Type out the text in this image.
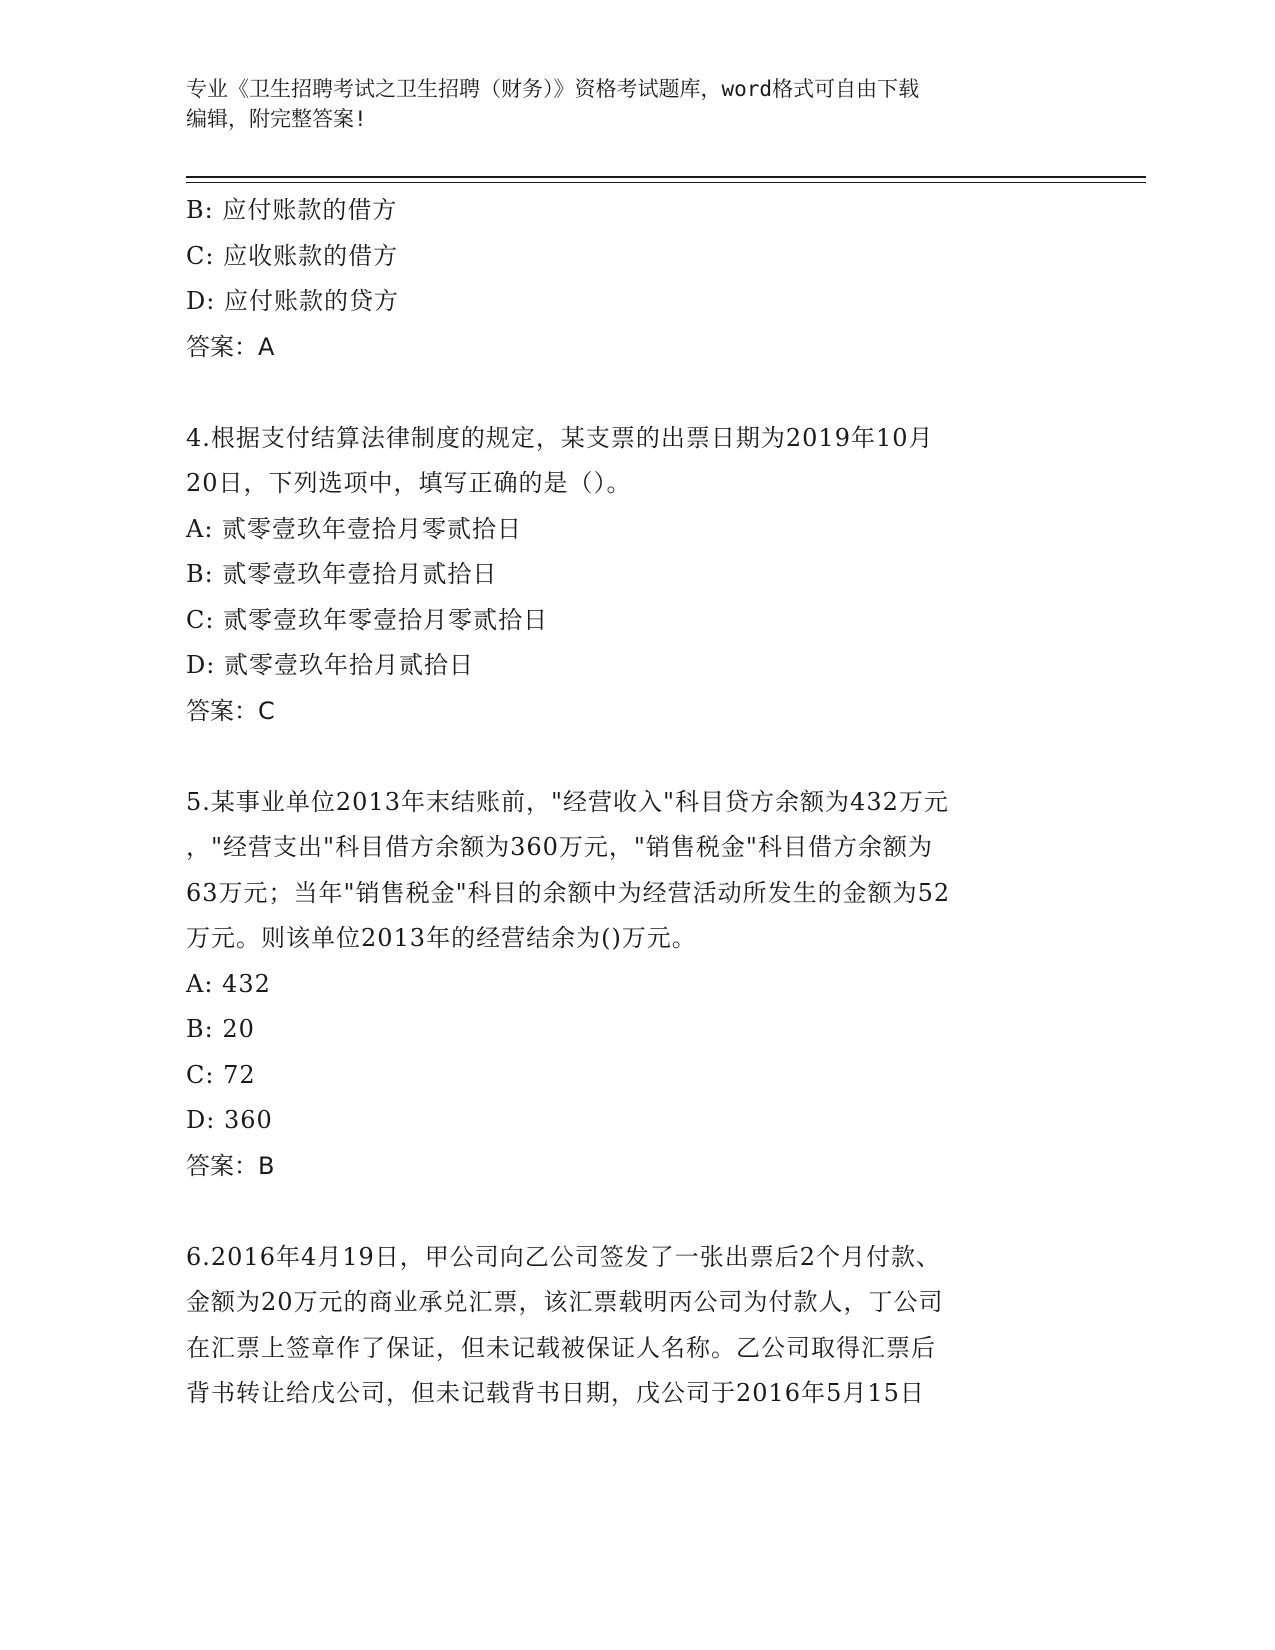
专业《卫生招聘考试之卫生招聘（财务）》资格考试题库，word格式可自由下载
编辑，附完整答案!
B: 应付账款的借方
C: 应收账款的借方
D: 应付账款的贷方
答案：A
4.根据支付结算法律制度的规定，某支票的出票日期为2019年10月
20日，下列选项中，填写正确的是（）。
A: 贰零壹玖年壹拾月零贰拾日
B: 贰零壹玖年壹拾月贰拾日
C: 贰零壹玖年零壹拾月零贰拾日
D: 贰零壹玖年拾月贰拾日
答案：C
5.某事业单位2013年末结账前，"经营收入"科目贷方余额为432万元
，"经营支出"科目借方余额为360万元，"销售税金"科目借方余额为
63万元；当年"销售税金"科目的余额中为经营活动所发生的金额为52
万元。则该单位2013年的经营结余为()万元。
A: 432
B: 20
C: 72
D: 360
答案：B
6.2016年4月19日，甲公司向乙公司签发了一张出票后2个月付款、
金额为20万元的商业承兑汇票，该汇票载明丙公司为付款人，丁公司
在汇票上签章作了保证，但未记载被保证人名称。乙公司取得汇票后
背书转让给戊公司，但未记载背书日期，戊公司于2016年5月15日
